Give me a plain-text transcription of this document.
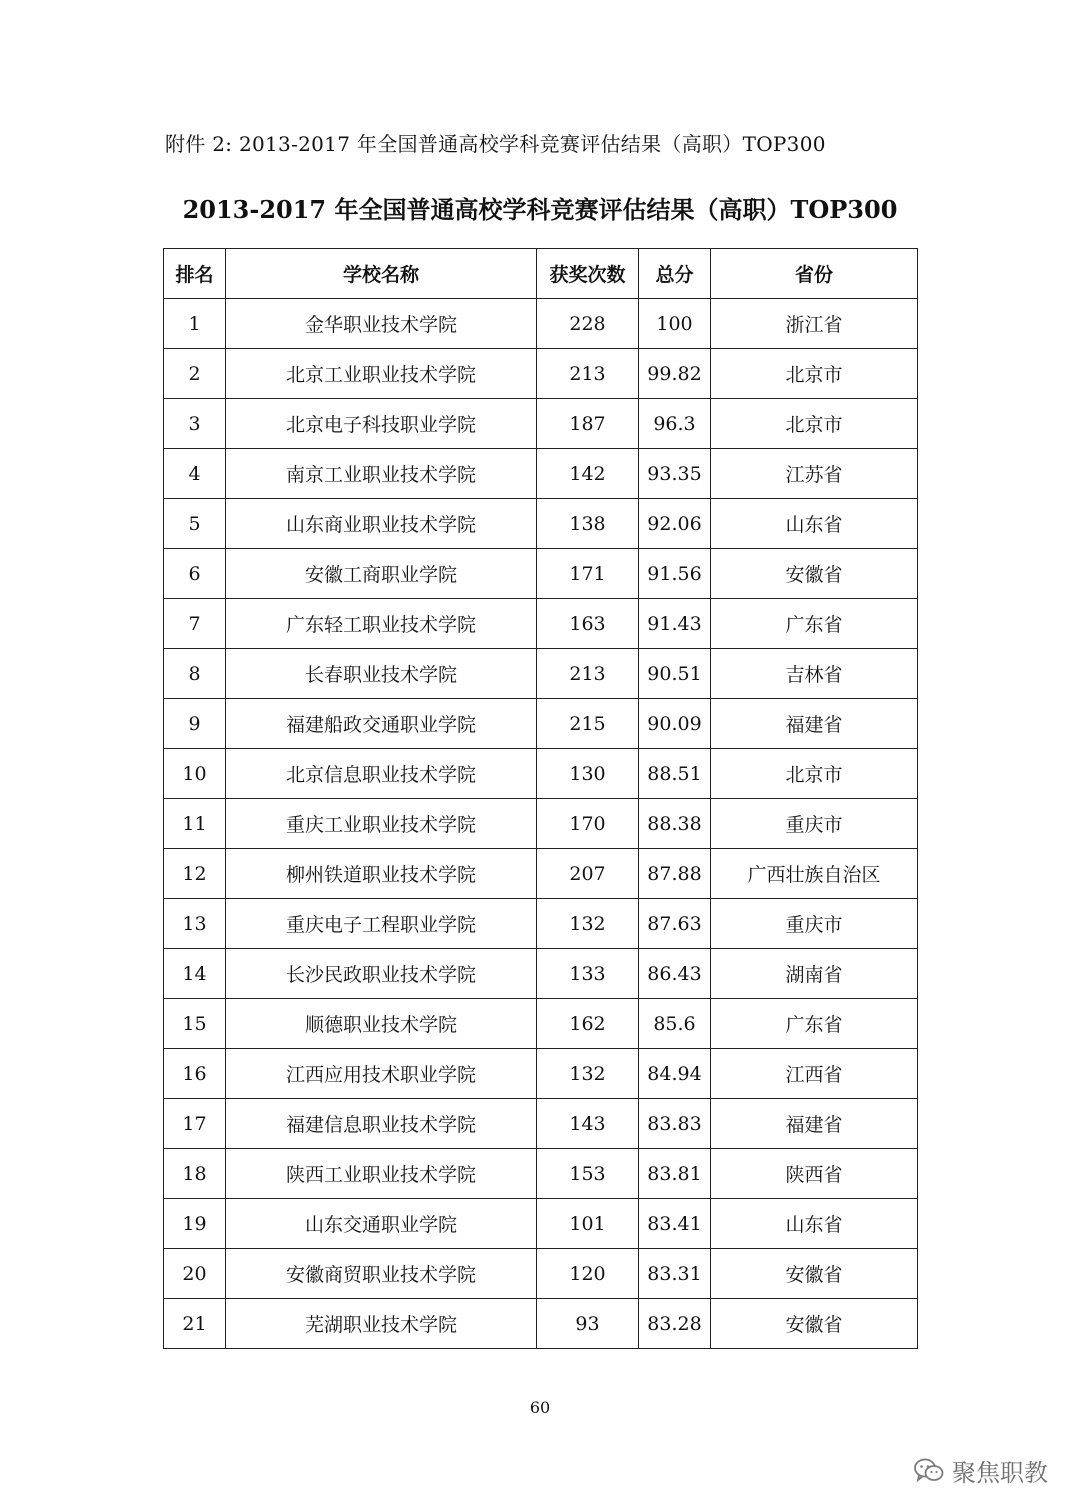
附件 2: 2013-2017 年全国普通高校学科竞赛评估结果（高职）TOP300
2013-2017 年全国普通高校学科竞赛评估结果（高职）TOP300
排名	学校名称	获奖次数	总分	省份
1	金华职业技术学院	228	100	浙江省
2	北京工业职业技术学院	213	99.82	北京市
3	北京电子科技职业学院	187	96.3	北京市
4	南京工业职业技术学院	142	93.35	江苏省
5	山东商业职业技术学院	138	92.06	山东省
6	安徽工商职业学院	171	91.56	安徽省
7	广东轻工职业技术学院	163	91.43	广东省
8	长春职业技术学院	213	90.51	吉林省
9	福建船政交通职业学院	215	90.09	福建省
10	北京信息职业技术学院	130	88.51	北京市
11	重庆工业职业技术学院	170	88.38	重庆市
12	柳州铁道职业技术学院	207	87.88	广西壮族自治区
13	重庆电子工程职业学院	132	87.63	重庆市
14	长沙民政职业技术学院	133	86.43	湖南省
15	顺德职业技术学院	162	85.6	广东省
16	江西应用技术职业学院	132	84.94	江西省
17	福建信息职业技术学院	143	83.83	福建省
18	陕西工业职业技术学院	153	83.81	陕西省
19	山东交通职业学院	101	83.41	山东省
20	安徽商贸职业技术学院	120	83.31	安徽省
21	芜湖职业技术学院	93	83.28	安徽省
60
聚焦职教
